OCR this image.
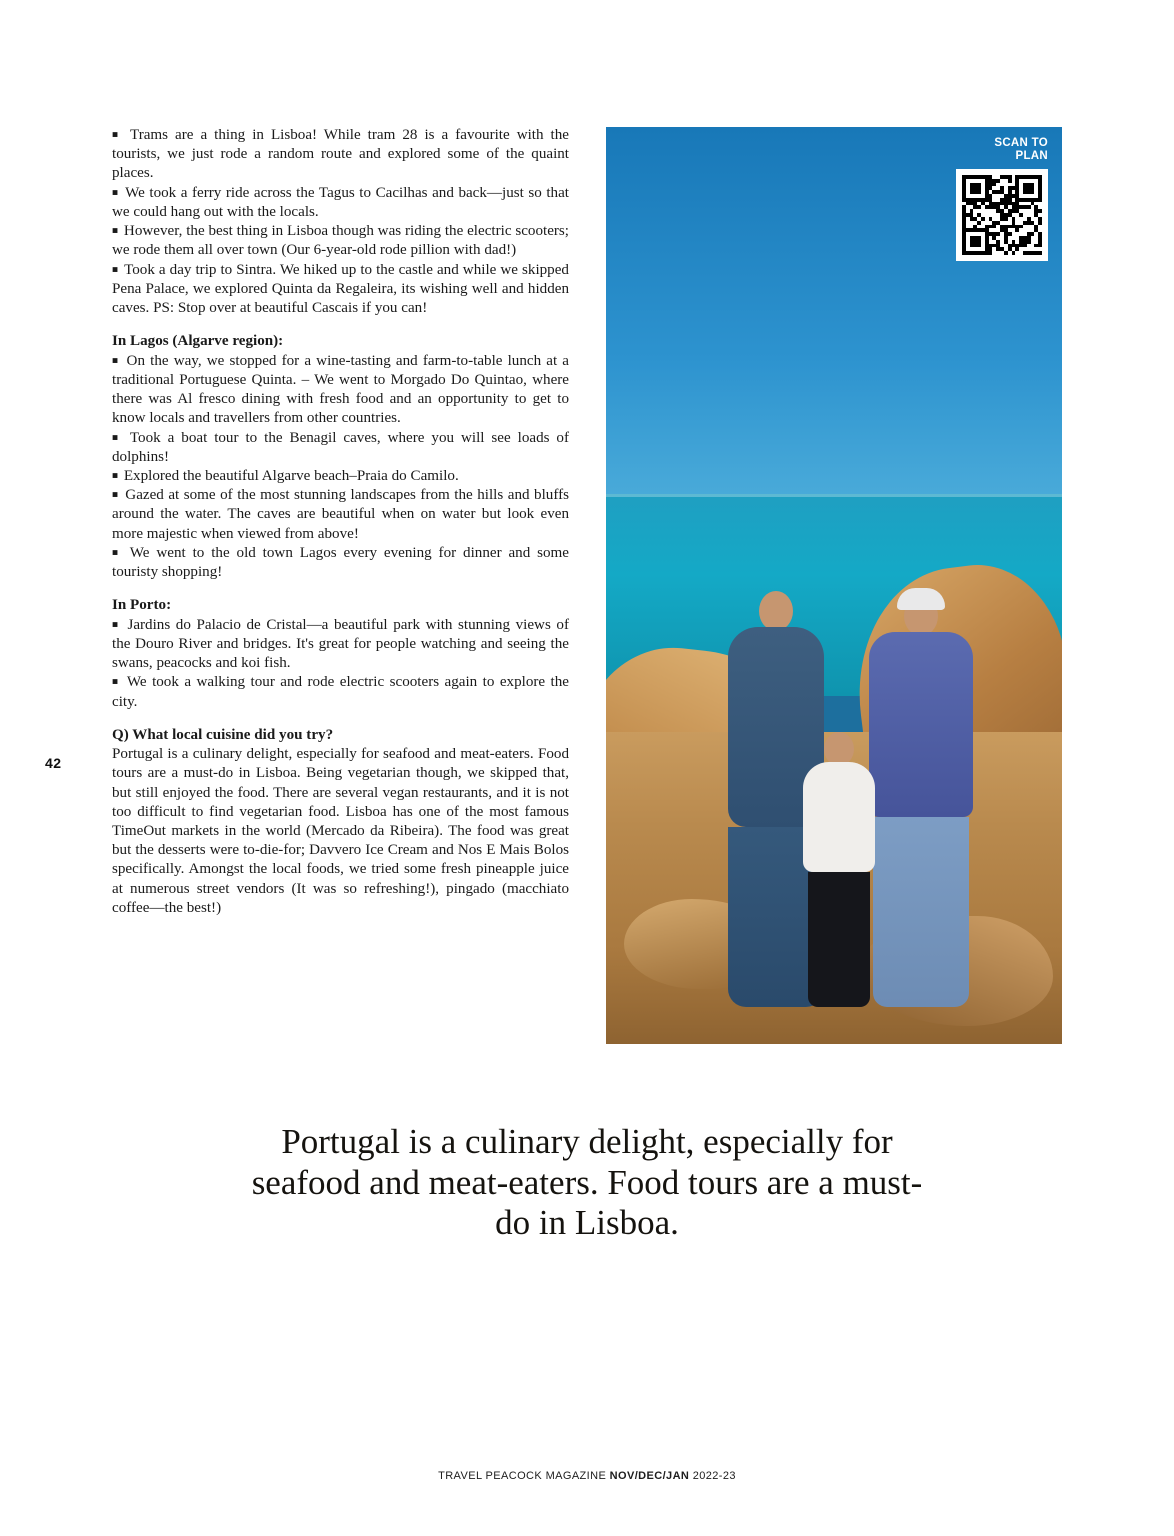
42

■ Trams are a thing in Lisboa! While tram 28 is a favourite with the tourists, we just rode a random route and explored some of the quaint places.

■ We took a ferry ride across the Tagus to Cacilhas and back—just so that we could hang out with the locals.

■ However, the best thing in Lisboa though was riding the electric scooters; we rode them all over town (Our 6-year-old rode pillion with dad!)

■ Took a day trip to Sintra. We hiked up to the castle and while we skipped Pena Palace, we explored Quinta da Regaleira, its wishing well and hidden caves. PS: Stop over at beautiful Cascais if you can!

In Lagos (Algarve region):

■ On the way, we stopped for a wine-tasting and farm-to-table lunch at a traditional Portuguese Quinta. – We went to Morgado Do Quintao, where there was Al fresco dining with fresh food and an opportunity to get to know locals and travellers from other countries.

■ Took a boat tour to the Benagil caves, where you will see loads of dolphins!

■ Explored the beautiful Algarve beach–Praia do Camilo.

■ Gazed at some of the most stunning landscapes from the hills and bluffs around the water. The caves are beautiful when on water but look even more majestic when viewed from above!

■ We went to the old town Lagos every evening for dinner and some touristy shopping!

In Porto:

■ Jardins do Palacio de Cristal—a beautiful park with stunning views of the Douro River and bridges. It's great for people watching and seeing the swans, peacocks and koi fish.

■ We took a walking tour and rode electric scooters again to explore the city.

Q) What local cuisine did you try?

Portugal is a culinary delight, especially for seafood and meat-eaters. Food tours are a must-do in Lisboa. Being vegetarian though, we skipped that, but still enjoyed the food. There are several vegan restaurants, and it is not too difficult to find vegetarian food. Lisboa has one of the most famous TimeOut markets in the world (Mercado da Ribeira). The food was great but the desserts were to-die-for; Davvero Ice Cream and Nos E Mais Bolos specifically. Amongst the local foods, we tried some fresh pineapple juice at numerous street vendors (It was so refreshing!), pingado (macchiato coffee—the best!)

SCAN TO
PLAN
Portugal is a culinary delight, especially for seafood and meat-eaters. Food tours are a must-do in Lisboa.
TRAVEL PEACOCK MAGAZINE NOV/DEC/JAN 2022-23
